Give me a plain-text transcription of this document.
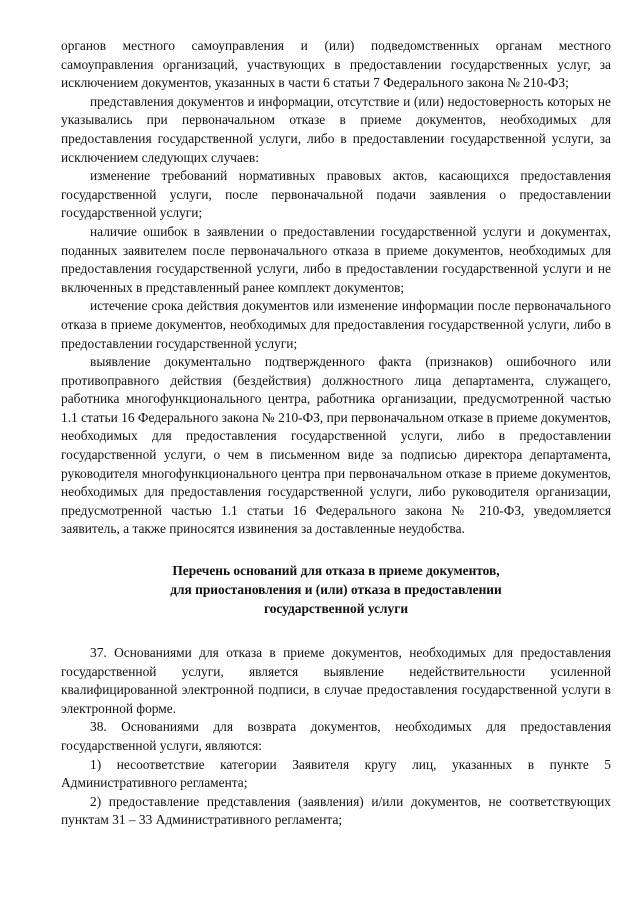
органов местного самоуправления и (или) подведомственных органам местного самоуправления организаций, участвующих в предоставлении государственных услуг, за исключением документов, указанных в части 6 статьи 7 Федерального закона № 210-ФЗ;

представления документов и информации, отсутствие и (или) недостоверность которых не указывались при первоначальном отказе в приеме документов, необходимых для предоставления государственной услуги, либо в предоставлении государственной услуги, за исключением следующих случаев:

изменение требований нормативных правовых актов, касающихся предоставления государственной услуги, после первоначальной подачи заявления о предоставлении государственной услуги;

наличие ошибок в заявлении о предоставлении государственной услуги и документах, поданных заявителем после первоначального отказа в приеме документов, необходимых для предоставления государственной услуги, либо в предоставлении государственной услуги и не включенных в представленный ранее комплект документов;

истечение срока действия документов или изменение информации после первоначального отказа в приеме документов, необходимых для предоставления государственной услуги, либо в предоставлении государственной услуги;

выявление документально подтвержденного факта (признаков) ошибочного или противоправного действия (бездействия) должностного лица департамента, служащего, работника многофункционального центра, работника организации, предусмотренной частью 1.1 статьи 16 Федерального закона № 210-ФЗ, при первоначальном отказе в приеме документов, необходимых для предоставления государственной услуги, либо в предоставлении государственной услуги, о чем в письменном виде за подписью директора департамента, руководителя многофункционального центра при первоначальном отказе в приеме документов, необходимых для предоставления государственной услуги, либо руководителя организации, предусмотренной частью 1.1 статьи 16 Федерального закона № 210-ФЗ, уведомляется заявитель, а также приносятся извинения за доставленные неудобства.

Перечень оснований для отказа в приеме документов,
для приостановления и (или) отказа в предоставлении
государственной услуги

37. Основаниями для отказа в приеме документов, необходимых для предоставления государственной услуги, является выявление недействительности усиленной квалифицированной электронной подписи, в случае предоставления государственной услуги в электронной форме.

38. Основаниями для возврата документов, необходимых для предоставления государственной услуги, являются:

1) несоответствие категории Заявителя кругу лиц, указанных в пункте 5 Административного регламента;

2) предоставление представления (заявления) и/или документов, не соответствующих пунктам 31 – 33 Административного регламента;
